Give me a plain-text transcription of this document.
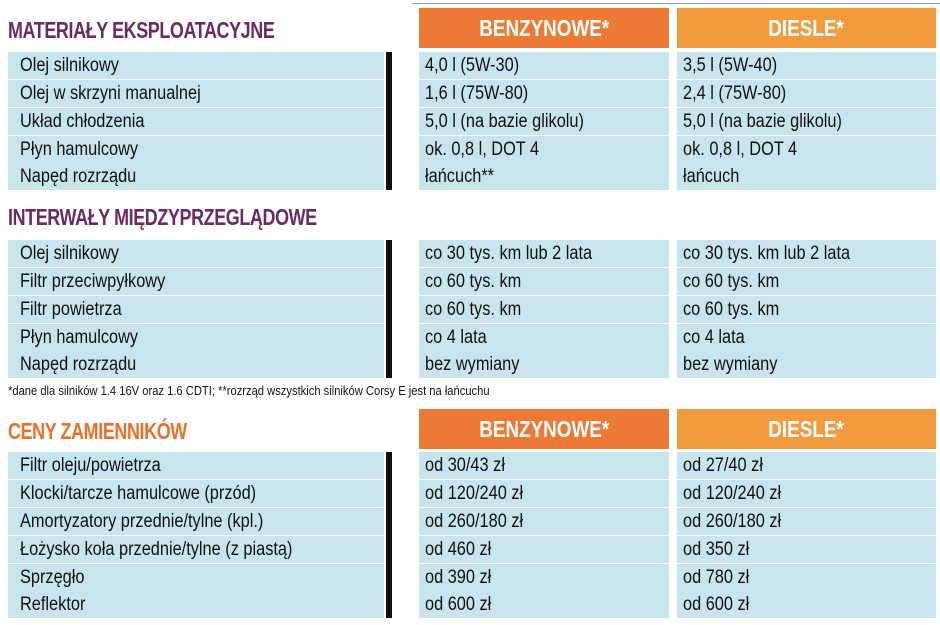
MATERIAŁY EKSPLOATACYJNE	BENZYNOWE*	DIESLE*
Olej silnikowy	4,0 l (5W-30)	3,5 l (5W-40)
Olej w skrzyni manualnej	1,6 l (75W-80)	2,4 l (75W-80)
Układ chłodzenia	5,0 l (na bazie glikolu)	5,0 l (na bazie glikolu)
Płyn hamulcowy	ok. 0,8 l, DOT 4	ok. 0,8 l, DOT 4
Napęd rozrządu	łańcuch**	łańcuch
INTERWAŁY MIĘDZYPRZEGLĄDOWE
Olej silnikowy	co 30 tys. km lub 2 lata	co 30 tys. km lub 2 lata
Filtr przeciwpyłkowy	co 60 tys. km	co 60 tys. km
Filtr powietrza	co 60 tys. km	co 60 tys. km
Płyn hamulcowy	co 4 lata	co 4 lata
Napęd rozrządu	bez wymiany	bez wymiany
*dane dla silników 1.4 16V oraz 1.6 CDTI; **rozrząd wszystkich silników Corsy E jest na łańcuchu
CENY ZAMIENNIKÓW	BENZYNOWE*	DIESLE*
Filtr oleju/powietrza	od 30/43 zł	od 27/40 zł
Klocki/tarcze hamulcowe (przód)	od 120/240 zł	od 120/240 zł
Amortyzatory przednie/tylne (kpl.)	od 260/180 zł	od 260/180 zł
Łożysko koła przednie/tylne (z piastą)	od 460 zł	od 350 zł
Sprzęgło	od 390 zł	od 780 zł
Reflektor	od 600 zł	od 600 zł
